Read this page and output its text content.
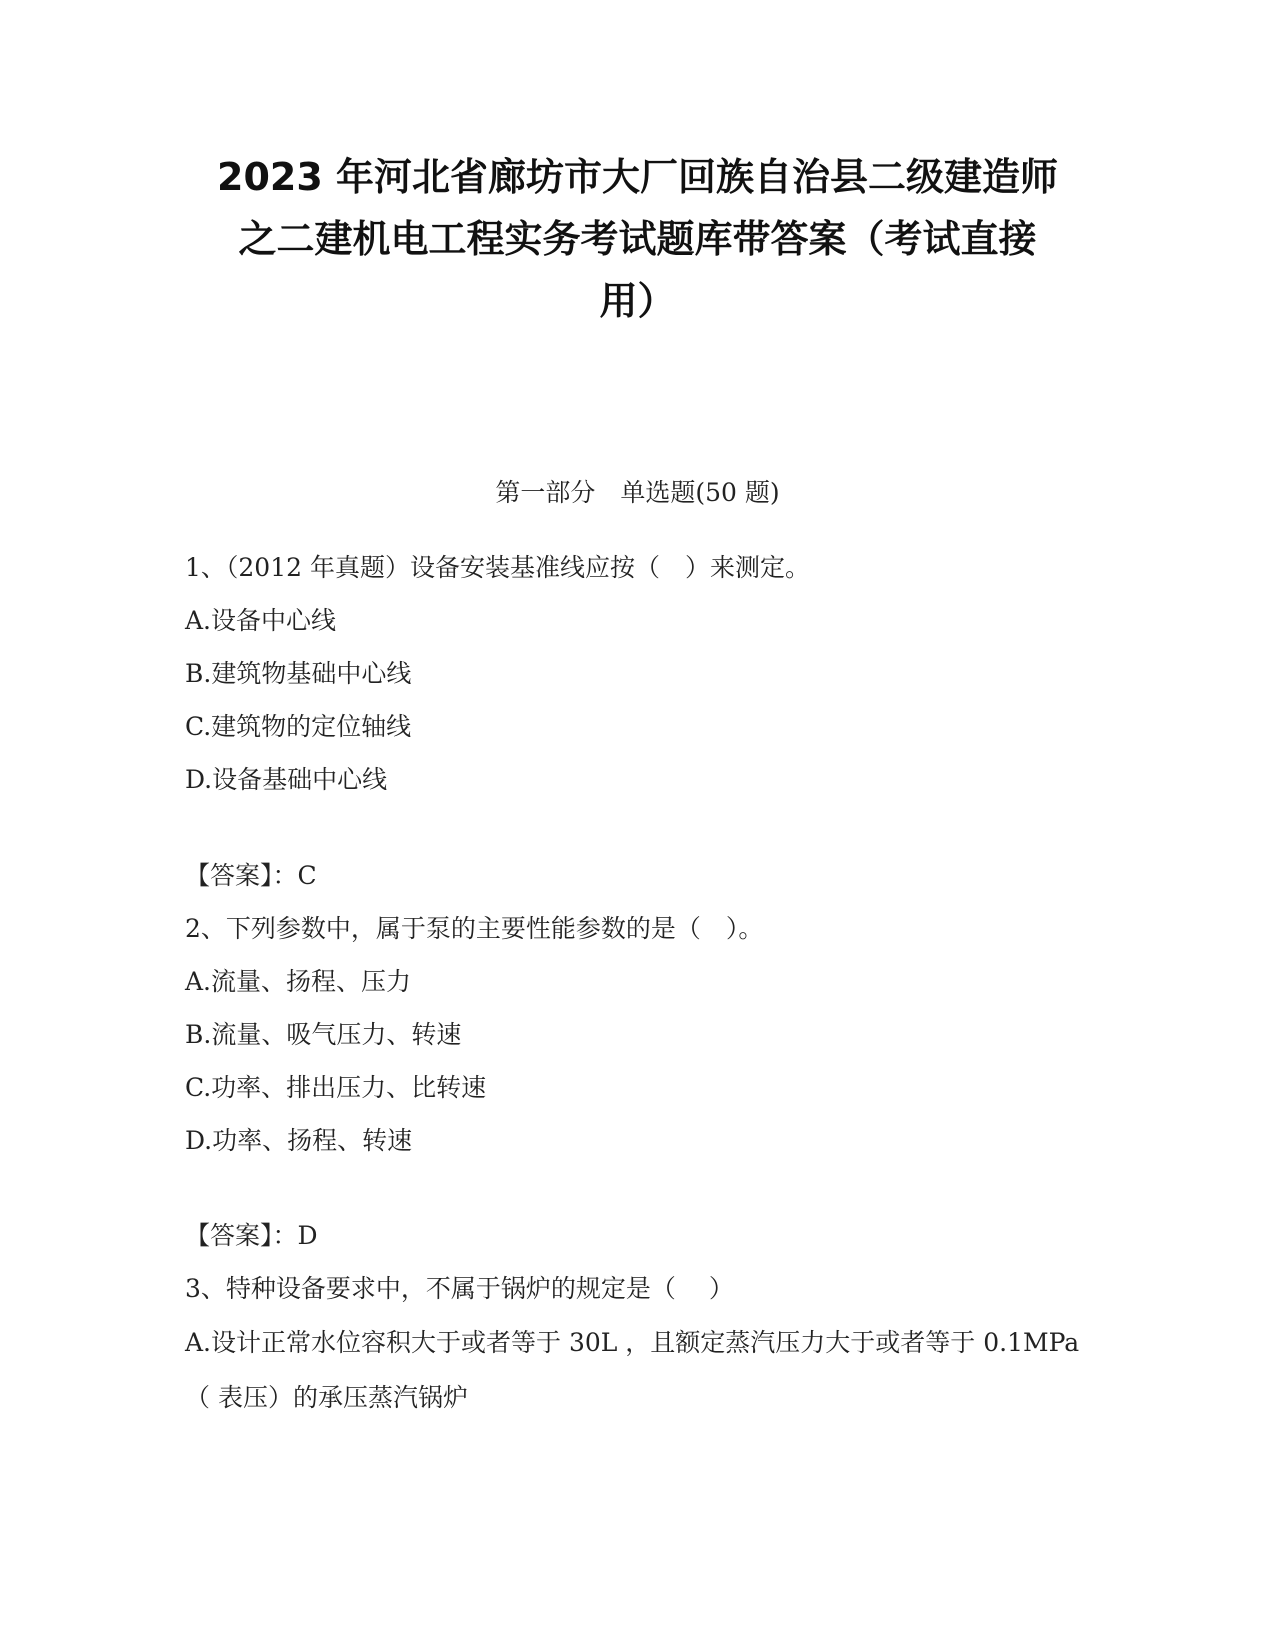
2023 年河北省廊坊市大厂回族自治县二级建造师
之二建机电工程实务考试题库带答案（考试直接
用）
第一部分　单选题(50 题)
1、（2012 年真题）设备安装基准线应按（　）来测定。
A.设备中心线
B.建筑物基础中心线
C.建筑物的定位轴线
D.设备基础中心线
【答案】：C
2、下列参数中，属于泵的主要性能参数的是（　）。
A.流量、扬程、压力
B.流量、吸气压力、转速
C.功率、排出压力、比转速
D.功率、扬程、转速
【答案】：D
3、特种设备要求中，不属于锅炉的规定是（　 ）
A.设计正常水位容积大于或者等于 30L ，且额定蒸汽压力大于或者等于 0.1MPa（ 表压）的承压蒸汽锅炉
